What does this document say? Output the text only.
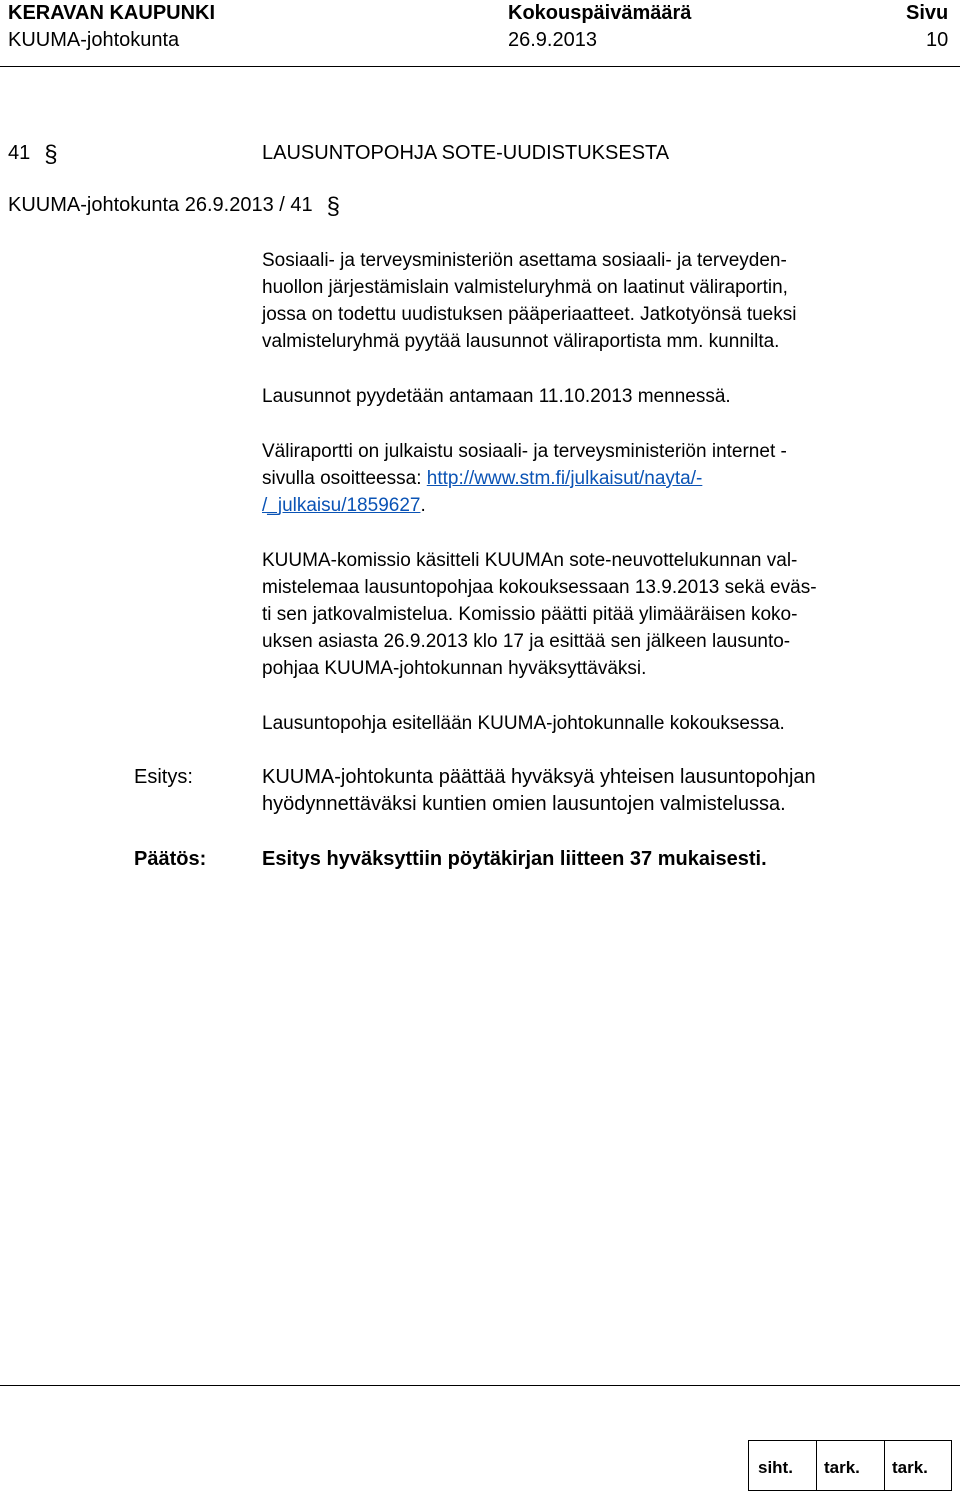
KERAVAN KAUPUNKI	Kokouspäivämäärä	Sivu
KUUMA-johtokunta	26.9.2013	10
41 §	LAUSUNTOPOHJA SOTE-UUDISTUKSESTA
KUUMA-johtokunta 26.9.2013 / 41 §

Sosiaali- ja terveysministeriön asettama sosiaali- ja terveyden-

huollon järjestämislain valmisteluryhmä on laatinut väliraportin,

jossa on todettu uudistuksen pääperiaatteet. Jatkotyönsä tueksi

valmisteluryhmä pyytää lausunnot väliraportista mm. kunnilta.

Lausunnot pyydetään antamaan 11.10.2013 mennessä.

Väliraportti on julkaistu sosiaali- ja terveysministeriön internet -

sivulla osoitteessa: http://www.stm.fi/julkaisut/nayta/-

/_julkaisu/1859627.

KUUMA-komissio käsitteli KUUMAn sote-neuvottelukunnan val-

mistelemaa lausuntopohjaa kokouksessaan 13.9.2013 sekä eväs-

ti sen jatkovalmistelua. Komissio päätti pitää ylimääräisen koko-

uksen asiasta 26.9.2013 klo 17 ja esittää sen jälkeen lausunto-

pohjaa KUUMA-johtokunnan hyväksyttäväksi.

Lausuntopohja esitellään KUUMA-johtokunnalle kokouksessa.

Esitys:	KUUMA-johtokunta päättää hyväksyä yhteisen lausuntopohjan

hyödynnettäväksi kuntien omien lausuntojen valmistelussa.

Päätös:	Esitys hyväksyttiin pöytäkirjan liitteen 37 mukaisesti.
siht. tark. tark.
